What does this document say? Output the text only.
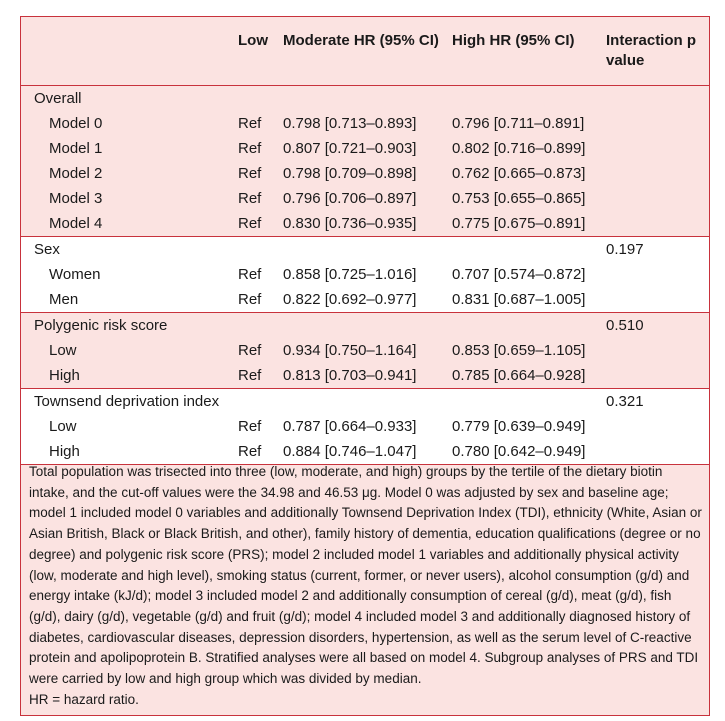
	Low	Moderate HR (95% CI)	High HR (95% CI)	Interaction p value

Overall				
Model 0	Ref	0.798 [0.713–0.893]	0.796 [0.711–0.891]	
Model 1	Ref	0.807 [0.721–0.903]	0.802 [0.716–0.899]	
Model 2	Ref	0.798 [0.709–0.898]	0.762 [0.665–0.873]	
Model 3	Ref	0.796 [0.706–0.897]	0.753 [0.655–0.865]	
Model 4	Ref	0.830 [0.736–0.935]	0.775 [0.675–0.891]	

Sex				0.197
Women	Ref	0.858 [0.725–1.016]	0.707 [0.574–0.872]	
Men	Ref	0.822 [0.692–0.977]	0.831 [0.687–1.005]	

Polygenic risk score				0.510
Low	Ref	0.934 [0.750–1.164]	0.853 [0.659–1.105]	
High	Ref	0.813 [0.703–0.941]	0.785 [0.664–0.928]	

Townsend deprivation index				0.321
Low	Ref	0.787 [0.664–0.933]	0.779 [0.639–0.949]	
High	Ref	0.884 [0.746–1.047]	0.780 [0.642–0.949]	

Total population was trisected into three (low, moderate, and high) groups by the tertile of the dietary biotin intake, and the cut-off values were the 34.98 and 46.53 μg. Model 0 was adjusted by sex and baseline age; model 1 included model 0 variables and additionally Townsend Deprivation Index (TDI), ethnicity (White, Asian or Asian British, Black or Black British, and other), family history of dementia, education qualifications (degree or no degree) and polygenic risk score (PRS); model 2 included model 1 variables and additionally physical activity (low, moderate and high level), smoking status (current, former, or never users), alcohol consumption (g/d) and energy intake (kJ/d); model 3 included model 2 and additionally consumption of cereal (g/d), meat (g/d), fish (g/d), dairy (g/d), vegetable (g/d) and fruit (g/d); model 4 included model 3 and additionally diagnosed history of diabetes, cardiovascular diseases, depression disorders, hypertension, as well as the serum level of C-reactive protein and apolipoprotein B. Stratified analyses were all based on model 4. Subgroup analyses of PRS and TDI were carried by low and high group which was divided by median.

HR = hazard ratio.
